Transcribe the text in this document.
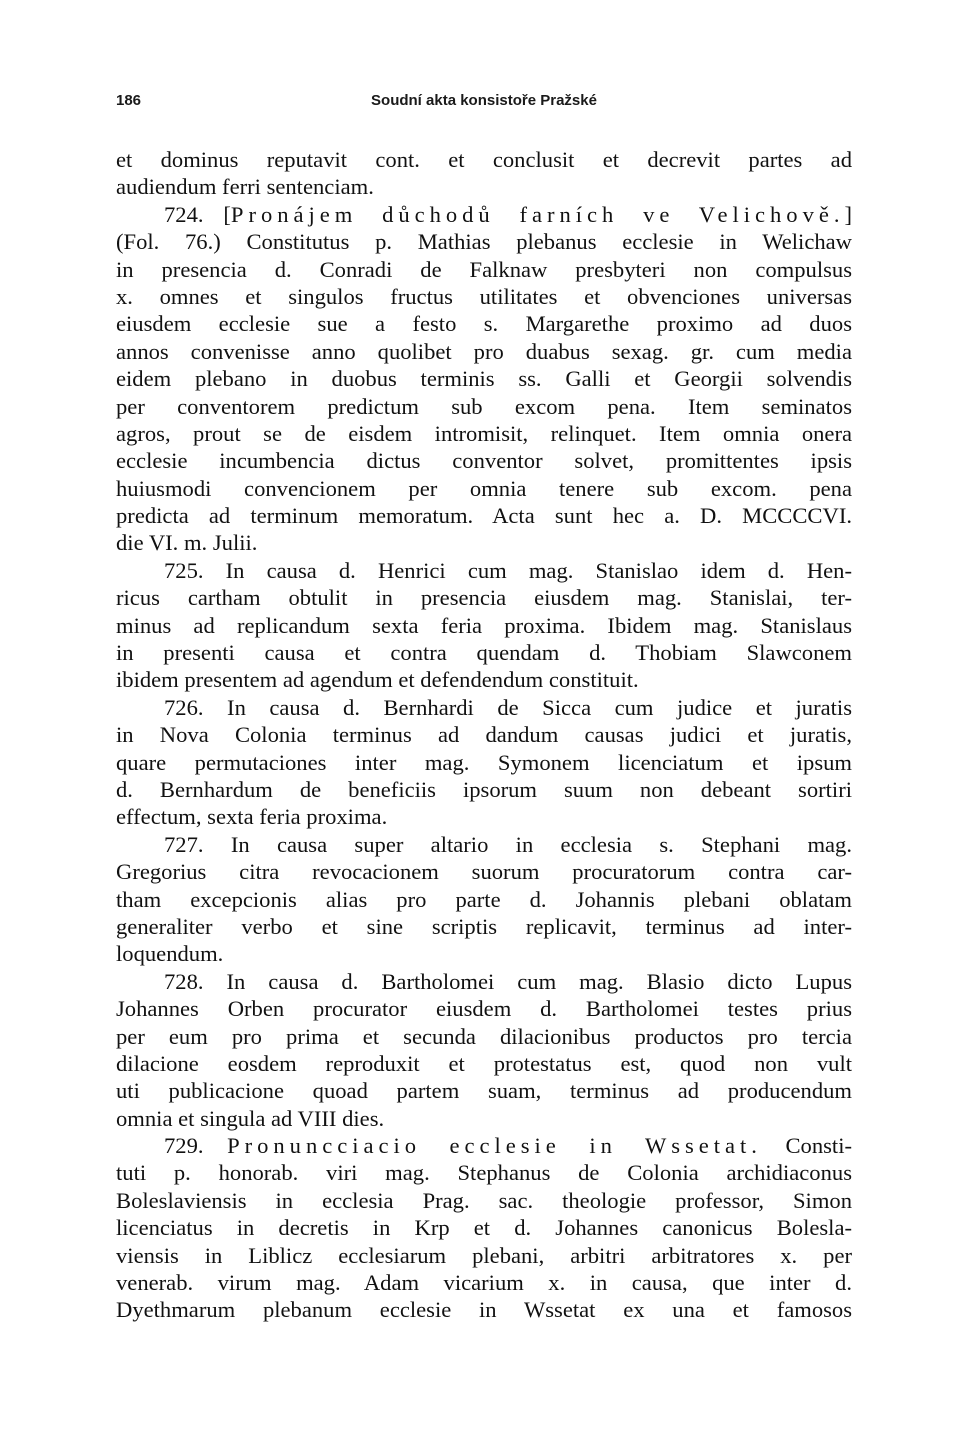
186	Soudní akta konsistoře Pražské
et dominus reputavit cont. et conclusit et decrevit partes ad
audiendum ferri sentenciam.
724. [Pronájem důchodů farních ve Velichově.]
(Fol. 76.) Constitutus p. Mathias plebanus ecclesie in Welichaw
in presencia d. Conradi de Falknaw presbyteri non compulsus
x. omnes et singulos fructus utilitates et obvenciones universas
eiusdem ecclesie sue a festo s. Margarethe proximo ad duos
annos convenisse anno quolibet pro duabus sexag. gr. cum media
eidem plebano in duobus terminis ss. Galli et Georgii solvendis
per conventorem predictum sub excom pena. Item seminatos
agros, prout se de eisdem intromisit, relinquet. Item omnia onera
ecclesie incumbencia dictus conventor solvet, promittentes ipsis
huiusmodi convencionem per omnia tenere sub excom. pena
predicta ad terminum memoratum. Acta sunt hec a. D. MCCCCVI.
die VI. m. Julii.
725. In causa d. Henrici cum mag. Stanislao idem d. Hen-
ricus cartham obtulit in presencia eiusdem mag. Stanislai, ter-
minus ad replicandum sexta feria proxima. Ibidem mag. Stanislaus
in presenti causa et contra quendam d. Thobiam Slawconem
ibidem presentem ad agendum et defendendum constituit.
726. In causa d. Bernhardi de Sicca cum judice et juratis
in Nova Colonia terminus ad dandum causas judici et juratis,
quare permutaciones inter mag. Symonem licenciatum et ipsum
d. Bernhardum de beneficiis ipsorum suum non debeant sortiri
effectum, sexta feria proxima.
727. In causa super altario in ecclesia s. Stephani mag.
Gregorius citra revocacionem suorum procuratorum contra car-
tham excepcionis alias pro parte d. Johannis plebani oblatam
generaliter verbo et sine scriptis replicavit, terminus ad inter-
loquendum.
728. In causa d. Bartholomei cum mag. Blasio dicto Lupus
Johannes Orben procurator eiusdem d. Bartholomei testes prius
per eum pro prima et secunda dilacionibus productos pro tercia
dilacione eosdem reproduxit et protestatus est, quod non vult
uti publicacione quoad partem suam, terminus ad producendum
omnia et singula ad VIII dies.
729. Pronuncciacio ecclesie in Wssetat. Consti-
tuti p. honorab. viri mag. Stephanus de Colonia archidiaconus
Boleslaviensis in ecclesia Prag. sac. theologie professor, Simon
licenciatus in decretis in Krp et d. Johannes canonicus Bolesla-
viensis in Liblicz ecclesiarum plebani, arbitri arbitratores x. per
venerab. virum mag. Adam vicarium x. in causa, que inter d.
Dyethmarum plebanum ecclesie in Wssetat ex una et famosos
